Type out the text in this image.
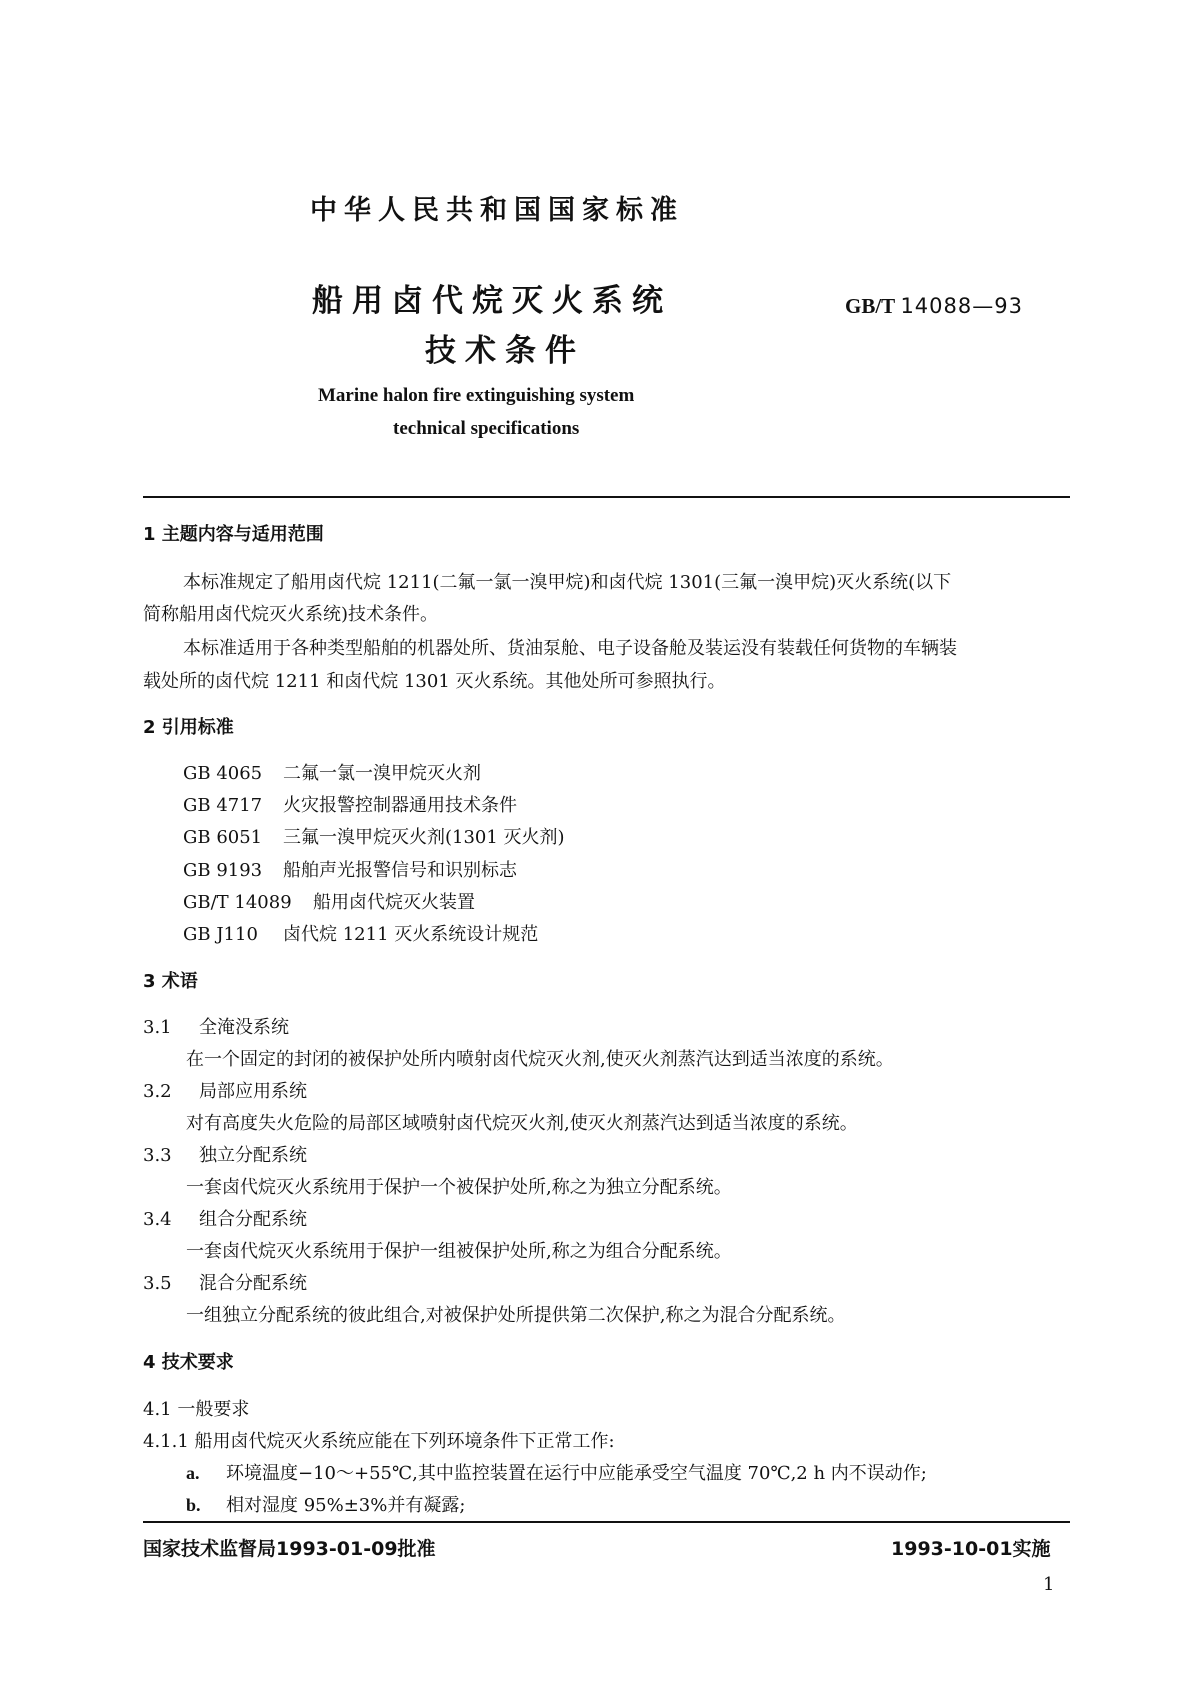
中华人民共和国国家标准
船用卤代烷灭火系统
技术条件
GB/T 14088—93
Marine halon fire extinguishing system
technical specifications
1 主题内容与适用范围
本标准规定了船用卤代烷 1211(二氟一氯一溴甲烷)和卤代烷 1301(三氟一溴甲烷)灭火系统(以下
简称船用卤代烷灭火系统)技术条件。
本标准适用于各种类型船舶的机器处所、货油泵舱、电子设备舱及装运没有装载任何货物的车辆装
载处所的卤代烷 1211 和卤代烷 1301 灭火系统。其他处所可参照执行。
2 引用标准
GB 4065 二氟一氯一溴甲烷灭火剂
GB 4717 火灾报警控制器通用技术条件
GB 6051 三氟一溴甲烷灭火剂(1301 灭火剂)
GB 9193 船舶声光报警信号和识别标志
GB/T 14089 船用卤代烷灭火装置
GB J110 卤代烷 1211 灭火系统设计规范
3 术语
3.1 全淹没系统
在一个固定的封闭的被保护处所内喷射卤代烷灭火剂,使灭火剂蒸汽达到适当浓度的系统。
3.2 局部应用系统
对有高度失火危险的局部区域喷射卤代烷灭火剂,使灭火剂蒸汽达到适当浓度的系统。
3.3 独立分配系统
一套卤代烷灭火系统用于保护一个被保护处所,称之为独立分配系统。
3.4 组合分配系统
一套卤代烷灭火系统用于保护一组被保护处所,称之为组合分配系统。
3.5 混合分配系统
一组独立分配系统的彼此组合,对被保护处所提供第二次保护,称之为混合分配系统。
4 技术要求
4.1 一般要求
4.1.1 船用卤代烷灭火系统应能在下列环境条件下正常工作:
a. 环境温度−10～+55℃,其中监控装置在运行中应能承受空气温度 70℃,2 h 内不误动作;
b. 相对湿度 95%±3%并有凝露;
国家技术监督局1993-01-09批准	1993-10-01实施
1
